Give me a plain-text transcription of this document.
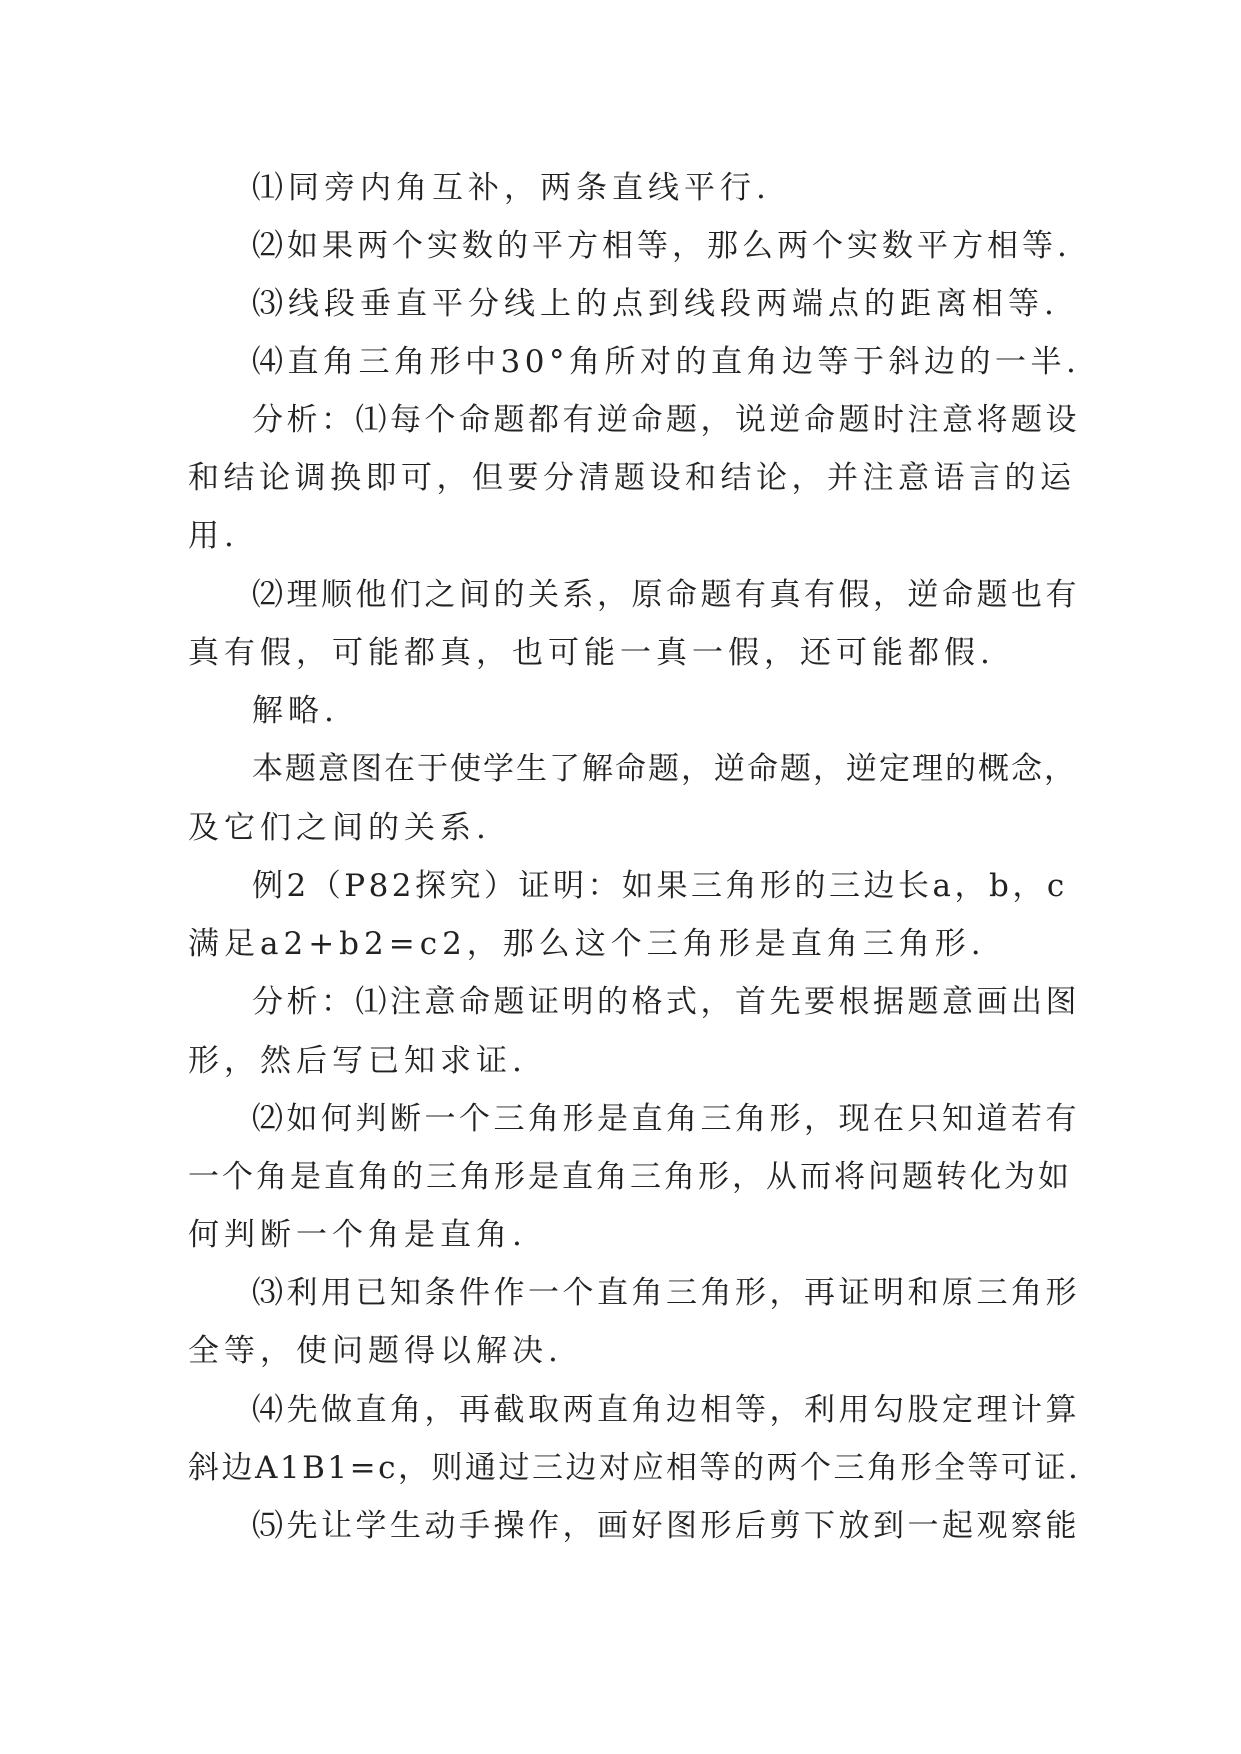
⑴同旁内角互补，两条直线平行.
⑵如果两个实数的平方相等，那么两个实数平方相等.
⑶线段垂直平分线上的点到线段两端点的距离相等.
⑷直角三角形中30°角所对的直角边等于斜边的一半.
分析：⑴每个命题都有逆命题，说逆命题时注意将题设
和结论调换即可，但要分清题设和结论，并注意语言的运
用.
⑵理顺他们之间的关系，原命题有真有假，逆命题也有
真有假，可能都真，也可能一真一假，还可能都假.
解略.
本题意图在于使学生了解命题，逆命题，逆定理的概念，
及它们之间的关系.
例2（P82探究）证明：如果三角形的三边长a，b，c
满足a2+b2=c2，那么这个三角形是直角三角形.
分析：⑴注意命题证明的格式，首先要根据题意画出图
形，然后写已知求证.
⑵如何判断一个三角形是直角三角形，现在只知道若有
一个角是直角的三角形是直角三角形，从而将问题转化为如
何判断一个角是直角.
⑶利用已知条件作一个直角三角形，再证明和原三角形
全等，使问题得以解决.
⑷先做直角，再截取两直角边相等，利用勾股定理计算
斜边A1B1=c，则通过三边对应相等的两个三角形全等可证.
⑸先让学生动手操作，画好图形后剪下放到一起观察能
